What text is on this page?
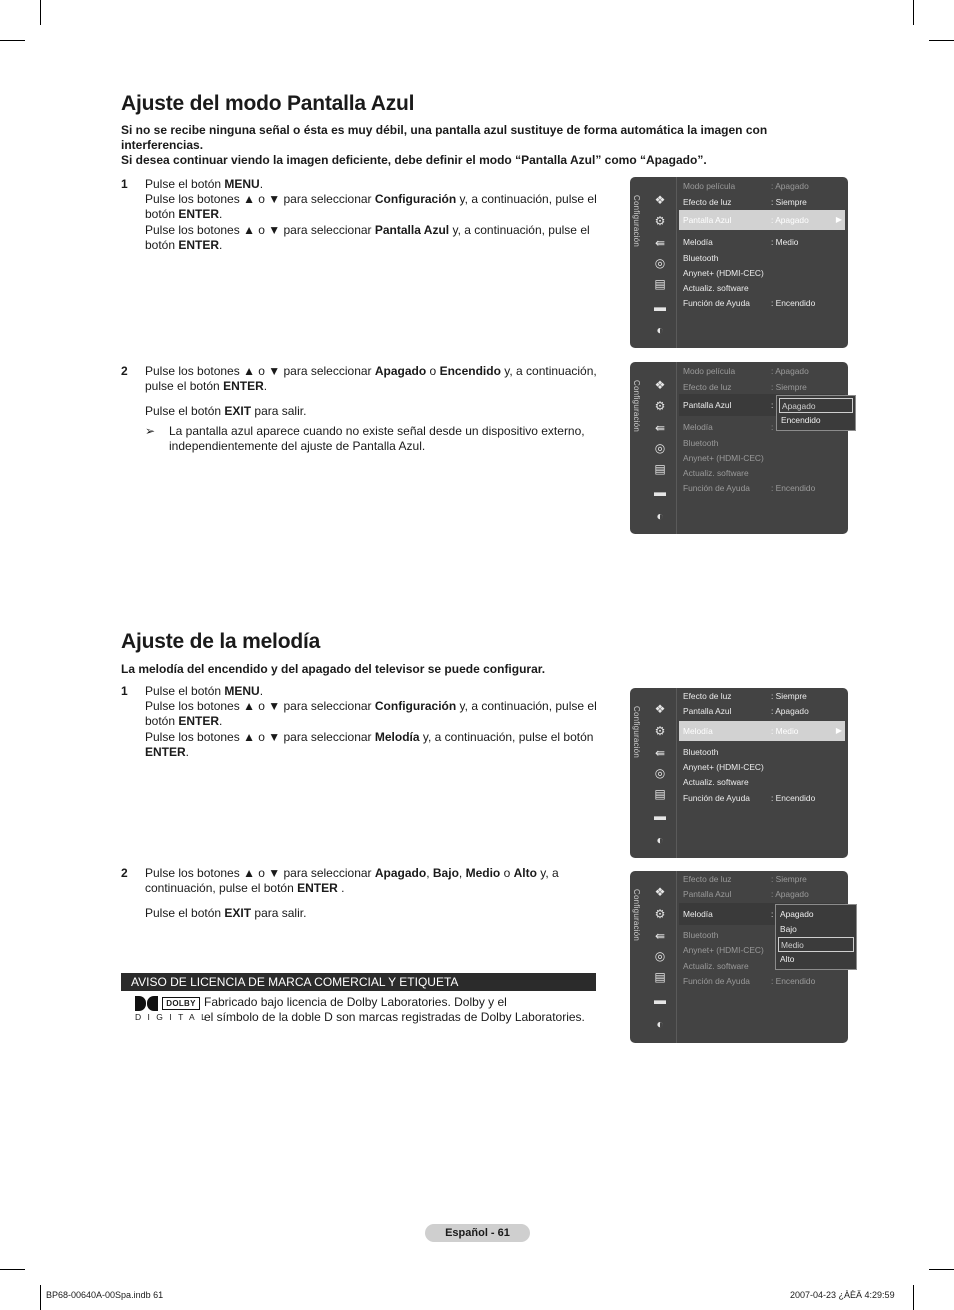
Ajuste del modo Pantalla Azul
Si no se recibe ninguna señal o ésta es muy débil, una pantalla azul sustituye de forma automática la imagen con interferencias.
Si desea continuar viendo la imagen deficiente, debe definir el modo “Pantalla Azul” como “Apagado”.
1 Pulse el botón MENU.
Pulse los botones ▲ o ▼ para seleccionar Configuración y, a continuación, pulse el botón ENTER.
Pulse los botones ▲ o ▼ para seleccionar Pantalla Azul y, a continuación, pulse el botón ENTER.
2 Pulse los botones ▲ o ▼ para seleccionar Apagado o Encendido y, a continuación, pulse el botón ENTER.
Pulse el botón EXIT para salir.
➢ La pantalla azul aparece cuando no existe señal desde un dispositivo externo, independientemente del ajuste de Pantalla Azul.
Configuración ❖
⚙
⇚
◎
▤
▬
◐
Modo película	: Apagado
Efecto de luz	: Siempre
Pantalla Azul	: Apagado	▶
Melodía	: Medio
Bluetooth
Anynet+ (HDMI-CEC)
Actualiz. software
Función de Ayuda	: Encendido
Configuración ❖
⚙
⇚
◎
▤
▬
◐
Modo película	: Apagado
Efecto de luz	: Siempre
Pantalla Azul	:
Melodía	:
Bluetooth
Anynet+ (HDMI-CEC)
Actualiz. software
Función de Ayuda	: Encendido
Apagado
Encendido
Ajuste de la melodía
La melodía del encendido y del apagado del televisor se puede configurar.
1 Pulse el botón MENU.
Pulse los botones ▲ o ▼ para seleccionar Configuración y, a continuación, pulse el botón ENTER.
Pulse los botones ▲ o ▼ para seleccionar Melodía y, a continuación, pulse el botón ENTER.
2 Pulse los botones ▲ o ▼ para seleccionar Apagado, Bajo, Medio o Alto y, a continuación, pulse el botón ENTER .
Pulse el botón EXIT para salir.
Configuración ❖
⚙
⇚
◎
▤
▬
◐
Efecto de luz	: Siempre
Pantalla Azul	: Apagado
Melodía	: Medio	▶
Bluetooth
Anynet+ (HDMI-CEC)
Actualiz. software
Función de Ayuda	: Encendido
Configuración ❖
⚙
⇚
◎
▤
▬
◐
Efecto de luz	: Siempre
Pantalla Azul	: Apagado
Melodía	:
Bluetooth
Anynet+ (HDMI-CEC)
Actualiz. software
Función de Ayuda	: Encendido
Apagado
Bajo
Medio
Alto
AVISO DE LICENCIA DE MARCA COMERCIAL Y ETIQUETA
DOLBY
DIGITAL
Fabricado bajo licencia de Dolby Laboratories. Dolby y el
el símbolo de la doble D son marcas registradas de Dolby Laboratories.
Español - 61
BP68-00640A-00Spa.indb 61	2007-04-23 ¿ÀÈÄ 4:29:59
